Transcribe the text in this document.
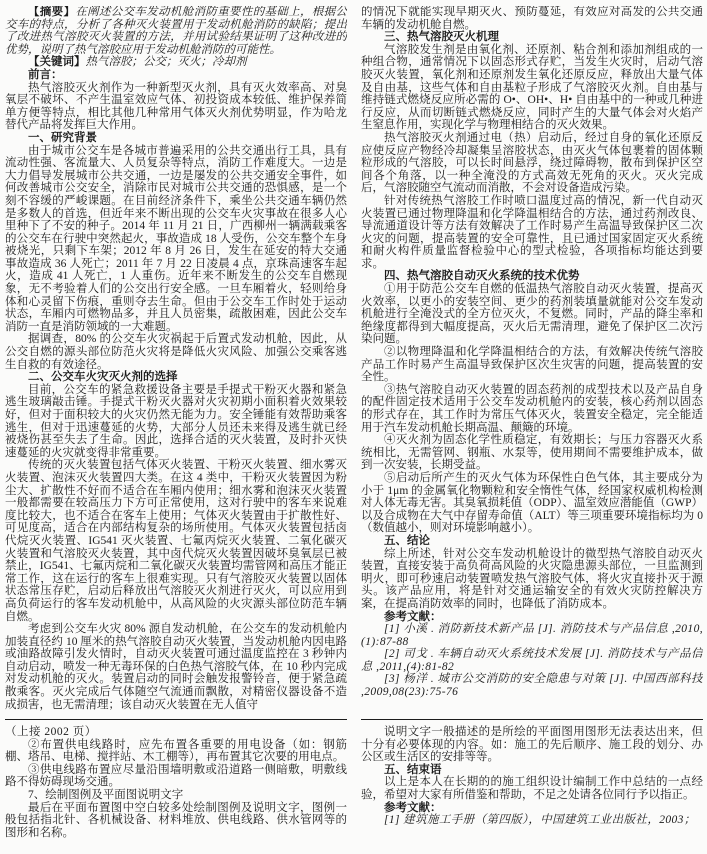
【摘要】在阐述公交车发动机舱消防重要性的基础上，根据公交车的特点，分析了各种灭火装置用于发动机舱消防的缺陷；提出了改进热气溶胶灭火装置的方法，并用试验结果证明了这种改进的优势，说明了热气溶胶应用于发动机舱消防的可能性。

【关键词】热气溶胶；公交；灭火；冷却剂

前言：

热气溶胶灭火剂作为一种新型灭火剂，具有灭火效率高、对臭氧层不破坏、不产生温室效应气体、初投资成本较低、维护保养简单方便等特点，相比其他几种常用气体灭火剂优势明显，作为哈龙替代产品将发挥巨大作用。

一、研究背景

由于城市公交车是各城市普遍采用的公共交通出行工具，具有流动性强、客流量大、人员复杂等特点，消防工作难度大。一边是大力倡导发展城市公共交通，一边是屡发的公共交通安全事件，如何改善城市公交安全，消除市民对城市公共交通的恐惧感，是一个刻不容缓的严峻课题。在目前经济条件下，乘坐公共交通车辆仍然是多数人的首选，但近年来不断出现的公交车火灾事故在很多人心里种下了不安的种子。2014 年 11 月 21 日，广西柳州一辆满载乘客的公交车在行驶中突然起火，事故造成 18 人受伤，公交车整个车身被烧光，只剩下车架；2012 年 8 月 26 日，发生在延安的特大交通事故造成 36 人死亡；2011 年 7 月 22 日凌晨 4 点，京珠高速客车起火，造成 41 人死亡，1 人重伤。近年来不断发生的公交车自燃现象，无不考验着人们的公交出行安全感。一旦车厢着火，轻则给身体和心灵留下伤痕，重则夺去生命。但由于公交车工作时处于运动状态，车厢内可燃物品多，并且人员密集，疏散困难，因此公交车消防一直是消防领域的一大难题。

据调查，80% 的公交车火灾祸起于后置式发动机舱，因此，从公交自燃的源头部位防范火灾将是降低火灾风险、加强公交乘客逃生自救的有效途径。

二、公交车火灾灭火剂的选择

目前，公交车的紧急救援设备主要是手提式干粉灭火器和紧急逃生玻璃敲击锤。手提式干粉灭火器对火灾初期小面积着火效果较好，但对于面积较大的火灾仍然无能为力。安全锤能有效帮助乘客逃生，但对于迅速蔓延的火势，大部分人员还未来得及逃生就已经被烧伤甚至失去了生命。因此，选择合适的灭火装置，及时扑灭快速蔓延的火灾就变得非常重要。

传统的灭火装置包括气体灭火装置、干粉灭火装置、细水雾灭火装置、泡沫灭火装置四大类。在这 4 类中，干粉灭火装置因为粉尘大、扩散性不好而不适合在车厢内使用；细水雾和泡沫灭火装置一般都需要在较高压力下方可正常使用，这对行驶中的客车来说难度比较大，也不适合在客车上使用；气体灭火装置由于扩散性好、可见度高，适合在内部结构复杂的场所使用。气体灭火装置包括卤代烷灭火装置、IG541 灭火装置、七氟丙烷灭火装置、二氧化碳灭火装置和气溶胶灭火装置，其中卤代烷灭火装置因破坏臭氧层已被禁止，IG541、七氟丙烷和二氧化碳灭火装置均需管网和高压才能正常工作，这在运行的客车上很难实现。只有气溶胶灭火装置以固体状态常压存贮，启动后释放出气溶胶灭火剂进行灭火，可以应用到高负荷运行的客车发动机舱中，从高风险的火灾源头部位防范车辆自燃。

考虑到公交车火灾 80% 源自发动机舱，在公交车的发动机舱内加装直径约 10 厘米的热气溶胶自动灭火装置，当发动机舱内因电路或油路故障引发火情时，自动灭火装置可通过温度监控在 3 秒钟内自动启动，喷发一种无毒环保的白色热气溶胶气体，在 10 秒内完成对发动机舱的灭火。装置启动的同时会触发报警铃音，便于紧急疏散乘客。灭火完成后气体随空气流通而飘散，对精密仪器设备不造成损害，也无需清理；该自动灭火装置在无人值守

（上接 2002 页）

②布置供电线路时，应先布置各重要的用电设备（如：钢筋棚、塔吊、电梯、搅拌站、木工棚等），再布置其它次要的用电点。

③供电线路布置应尽量沿围墙明敷或沿道路一侧暗敷，明敷线路不得妨碍现场交通。

7、绘制图例及平面图说明文字

最后在平面布置图中空白较多处绘制图例及说明文字，图例一般包括指北针、各机械设备、材料堆放、供电线路、供水管网等的图形和名称。

的情况下就能实现早期灭火、预防蔓延，有效应对高发的公共交通车辆的发动机舱自燃。

三、热气溶胶灭火机理

气溶胶发生剂是由氧化剂、还原剂、粘合剂和添加剂组成的一种组合物，通常情况下以固态形式存贮，当发生火灾时，启动气溶胶灭火装置，氧化剂和还原剂发生氧化还原反应，释放出大量气体及自由基，这些气体和自由基粒子形成了气溶胶灭火剂。自由基与维持链式燃烧反应所必需的 O•、OH•、H• 自由基中的一种或几种进行反应，从而切断链式燃烧反应，同时产生的大量气体会对火焰产生窒息作用，实现化学与物理相结合的灭火效果。

热气溶胶灭火剂通过电（热）启动后，经过自身的氧化还原反应使反应产物经冷却凝集呈溶胶状态，由灭火气体包裹着的固体颗粒形成的气溶胶，可以长时间悬浮，绕过障碍物，散布到保护区空间各个角落，以一种全淹没的方式高效无死角的灭火。灭火完成后，气溶胶随空气流动而消散，不会对设备造成污染。

针对传统热气溶胶工作时喷口温度过高的情况，新一代自动灭火装置已通过物理降温和化学降温相结合的方法，通过药剂改良、导流通道设计等方法有效解决了工作时易产生高温导致保护区二次火灾的问题，提高装置的安全可靠性，且已通过国家固定灭火系统和耐火构件质量监督检验中心的型式检验，各项指标均能达到要求。

四、热气溶胶自动灭火系统的技术优势

①用于防范公交车自燃的低温热气溶胶自动灭火装置，提高灭火效率，以更小的安装空间、更少的药剂装填量就能对公交车发动机舱进行全淹没式的全方位灭火，不复燃。同时，产品的降尘率和绝缘度都得到大幅度提高，灭火后无需清理，避免了保护区二次污染问题。

②以物理降温和化学降温相结合的方法，有效解决传统气溶胶产品工作时易产生高温导致保护区次生灾害的问题，提高装置的安全性。

③热气溶胶自动灭火装置的固态药剂的成型技术以及产品自身的配件固定技术适用于公交车发动机舱内的安装，核心药剂以固态的形式存在，其工作时为常压气体灭火，装置安全稳定，完全能适用于汽车发动机舱长期高温、颠簸的环境。

④灭火剂为固态化学性质稳定，有效期长；与压力容器灭火系统相比，无需管网、钢瓶、水泵等，使用期间不需要维护成本，做到一次安装，长期受益。

⑤启动后所产生的灭火气体为环保性白色气体，其主要成分为小于 1μm 的金属氧化物颗粒和安全惰性气体，经国家权威机构检测对人体无毒无害。其臭氧损耗值（ODP）、温室效应潜能值（GWP）以及合成物在大气中存留寿命值（ALT）等三项重要环境指标均为 0（数值越小，则对环境影响越小）。

五、结论

综上所述，针对公交车发动机舱设计的微型热气溶胶自动灭火装置，直接安装于高负荷高风险的火灾隐患源头部位，一旦监测到明火，即可秒速启动装置喷发热气溶胶气体，将火灾直接扑灭于源头。该产品应用，将是针对交通运输安全的有效火灾防控解决方案，在提高消防效率的同时，也降低了消防成本。

参考文献：

[1] 小溪 . 消防新技术新产品 [J]. 消防技术与产品信息 ,2010,(1):87-88

[2] 司戈 . 车辆自动灭火系统技术发展 [J]. 消防技术与产品信息 ,2011,(4):81-82

[3] 杨洋 . 城市公交消防的安全隐患与对策 [J]. 中国西部科技 ,2009,08(23):75-76

说明文字一般描述的是所绘的平面图用图形无法表达出来，但十分有必要体现的内容。如：施工的先后顺序、施工段的划分、办公区或生活区的安排等等。

五、结束语

以上是本人在长期的的施工组织设计编制工作中总结的一点经验，希望对大家有所借鉴和帮助，不足之处请各位同行予以指正。

参考文献：

[1] 建筑施工手册（第四版），中国建筑工业出版社，2003；
